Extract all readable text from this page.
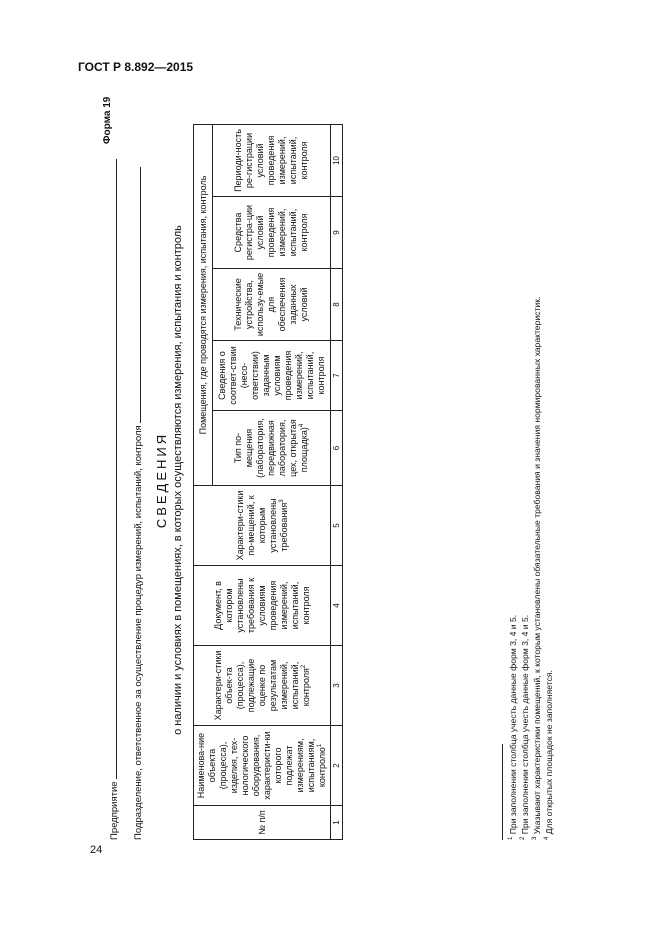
ГОСТ Р 8.892—2015
Форма 19
Предприятие	Подразделение, ответственное за осуществление процедур измерений, испытаний, контроля СВЕДЕНИЯ о наличии и условиях в помещениях, в которых осуществляются измерения, испытания и контроль
№ п/п	Наименова-ние объекта (процесса), изделия, тех-нологического оборудования, характеристи-ки которого подлежат измерениям, испытаниям, контролю$^1$	Характери-стики объек-та (процесса), подлежащие оценке по результатам измерений, испытаний, контроля$^2$	Документ, в котором установлены требования к условиям проведения измерений, испытаний, контроля	Характери-стики по-мещений, к которым установлены требования$^3$	Помещения, где проводятся измерения, испытания, контроль				
					Тип по-мещения (лаборатория, передвижная лаборатория, цех, открытая площадка)$^4$	Сведения о соответ-ствии (несо-ответствии) заданным условиям проведения измерений, испытаний, контроля	Технические устройства, использу-емые для обеспечения заданных условий	Средства регистра-ции условий проведения измерений, испытаний, контроля	Периоди-ность ре-гистрации условий проведения измерений, испытаний, контроля
1	2	3	4	5	6	7	8	9	10
$^1$ При заполнении столбца учесть данные форм 3, 4 и 5.
$^2$ При заполнении столбца учесть данные форм 3, 4 и 5.
$^3$ Указывают характеристики помещений, к которым установлены обязательные требования и значения нормированных характеристик.
$^4$ Для открытых площадок не заполняется.
24
